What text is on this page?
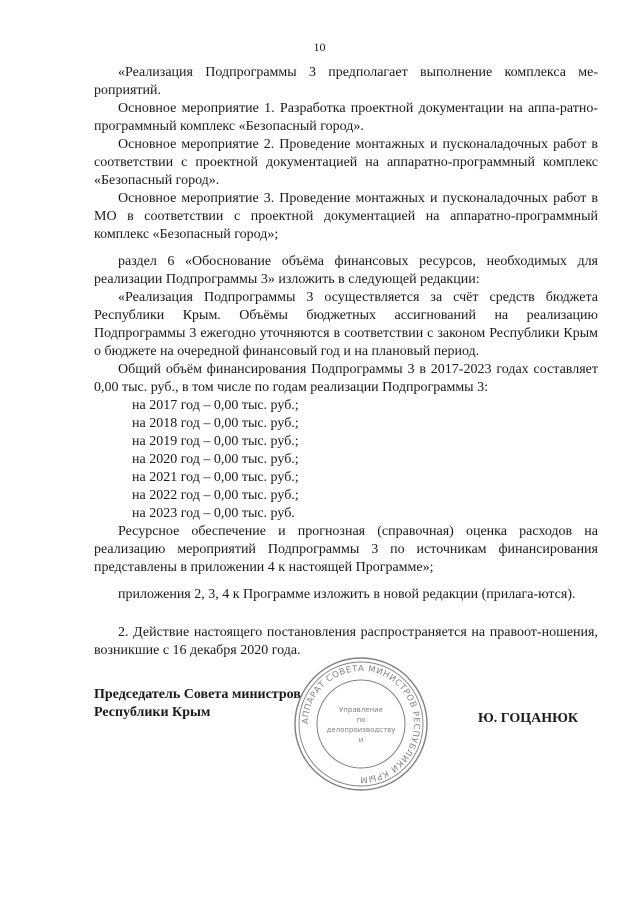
10

«Реализация Подпрограммы 3 предполагает выполнение комплекса ме-роприятий.

Основное мероприятие 1. Разработка проектной документации на аппа-ратно-программный комплекс «Безопасный город».

Основное мероприятие 2. Проведение монтажных и пусконаладочных работ в соответствии с проектной документацией на аппаратно-программный комплекс «Безопасный город».

Основное мероприятие 3. Проведение монтажных и пусконаладочных работ в МО в соответствии с проектной документацией на аппаратно-программный комплекс «Безопасный город»;

раздел 6 «Обоснование объёма финансовых ресурсов, необходимых для реализации Подпрограммы 3» изложить в следующей редакции:

«Реализация Подпрограммы 3 осуществляется за счёт средств бюджета Республики Крым. Объёмы бюджетных ассигнований на реализацию Подпрограммы 3 ежегодно уточняются в соответствии с законом Республики Крым о бюджете на очередной финансовый год и на плановый период.

Общий объём финансирования Подпрограммы 3 в 2017-2023 годах составляет 0,00 тыс. руб., в том числе по годам реализации Подпрограммы 3:

на 2017 год – 0,00 тыс. руб.;

на 2018 год – 0,00 тыс. руб.;

на 2019 год – 0,00 тыс. руб.;

на 2020 год – 0,00 тыс. руб.;

на 2021 год – 0,00 тыс. руб.;

на 2022 год – 0,00 тыс. руб.;

на 2023 год – 0,00 тыс. руб.

Ресурсное обеспечение и прогнозная (справочная) оценка расходов на реализацию мероприятий Подпрограммы 3 по источникам финансирования представлены в приложении 4 к настоящей Программе»;

приложения 2, 3, 4 к Программе изложить в новой редакции (прилага-ются).

2. Действие настоящего постановления распространяется на правоот-ношения, возникшие с 16 декабря 2020 года.

Председатель Совета министров
Республики Крым	Ю. ГОЦАНЮК
АППАРАТ СОВЕТА МИНИСТРОВ РЕСПУБЛИКИ КРЫМ
Управление
по
делопроизводству
и
